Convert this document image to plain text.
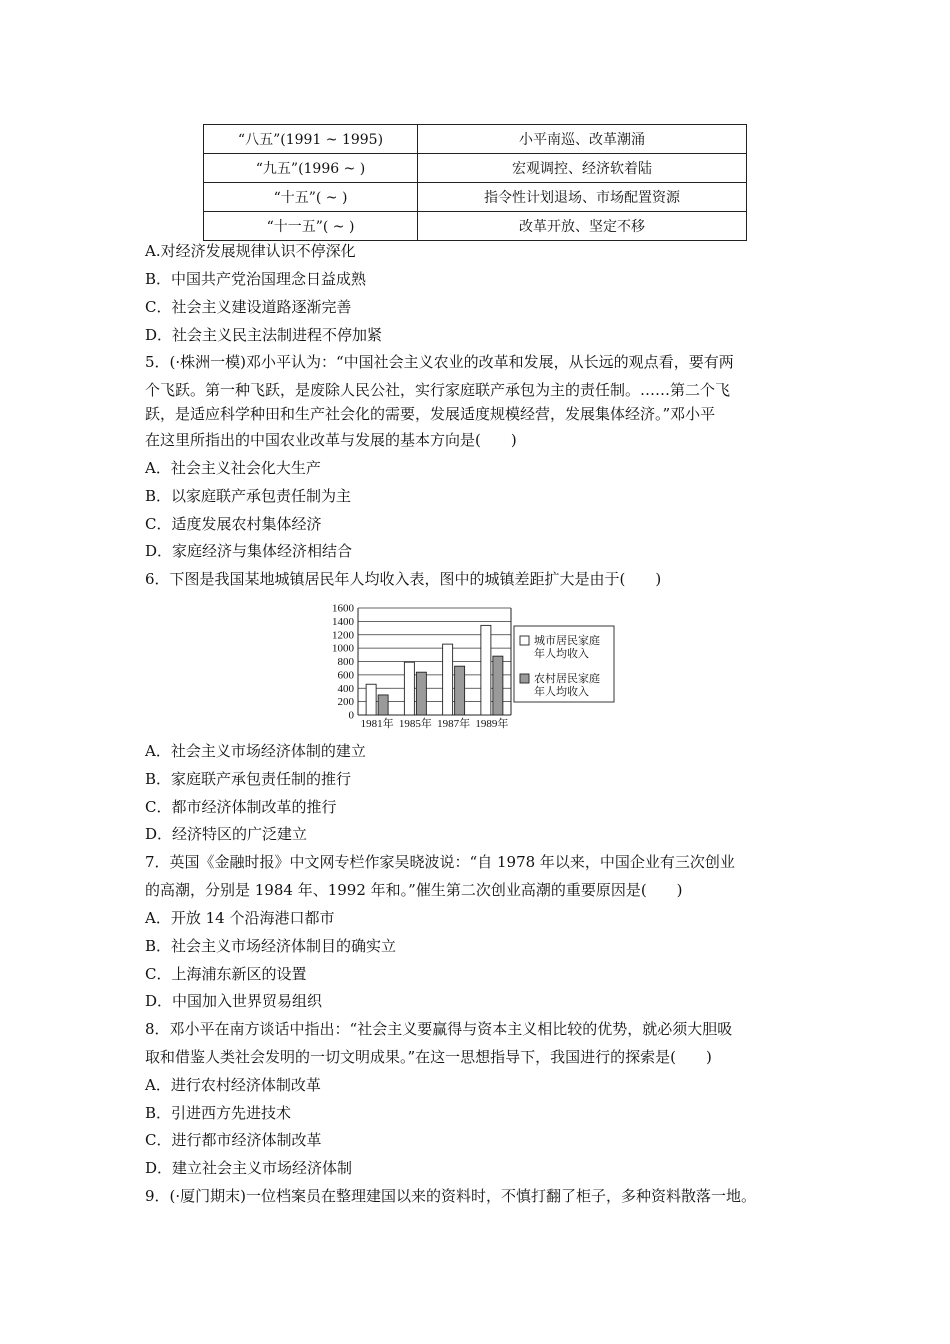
“八五”(1991 ~ 1995)	小平南巡、改革潮涌
“九五”(1996 ~ )	宏观调控、经济软着陆
“十五”( ~ )	指令性计划退场、市场配置资源
“十一五”( ~ )	改革开放、坚定不移
A.对经济发展规律认识不停深化
B．中国共产党治国理念日益成熟
C．社会主义建设道路逐渐完善
D．社会主义民主法制进程不停加紧
5．(·株洲一模)邓小平认为：“中国社会主义农业的改革和发展，从长远的观点看，要有两
个飞跃。第一种飞跃，是废除人民公社，实行家庭联产承包为主的责任制。……第二个飞
跃，是适应科学种田和生产社会化的需要，发展适度规模经营，发展集体经济。”邓小平
在这里所指出的中国农业改革与发展的基本方向是(　　)
A．社会主义社会化大生产
B．以家庭联产承包责任制为主
C．适度发展农村集体经济
D．家庭经济与集体经济相结合
6．下图是我国某地城镇居民年人均收入表，图中的城镇差距扩大是由于(　　)
0
200
400
600
800
1000
1200
1400
1600
1981年 1985年 1987年 1989年
城市居民家庭
年人均收入
农村居民家庭
年人均收入
A．社会主义市场经济体制的建立
B．家庭联产承包责任制的推行
C．都市经济体制改革的推行
D．经济特区的广泛建立
7．英国《金融时报》中文网专栏作家吴晓波说：“自 1978 年以来，中国企业有三次创业
的高潮，分别是 1984 年、1992 年和。”催生第二次创业高潮的重要原因是(　　)
A．开放 14 个沿海港口都市
B．社会主义市场经济体制目的确实立
C．上海浦东新区的设置
D．中国加入世界贸易组织
8．邓小平在南方谈话中指出：“社会主义要赢得与资本主义相比较的优势，就必须大胆吸
取和借鉴人类社会发明的一切文明成果。”在这一思想指导下，我国进行的探索是(　　)
A．进行农村经济体制改革
B．引进西方先进技术
C．进行都市经济体制改革
D．建立社会主义市场经济体制
9．(·厦门期末)一位档案员在整理建国以来的资料时，不慎打翻了柜子，多种资料散落一地。
